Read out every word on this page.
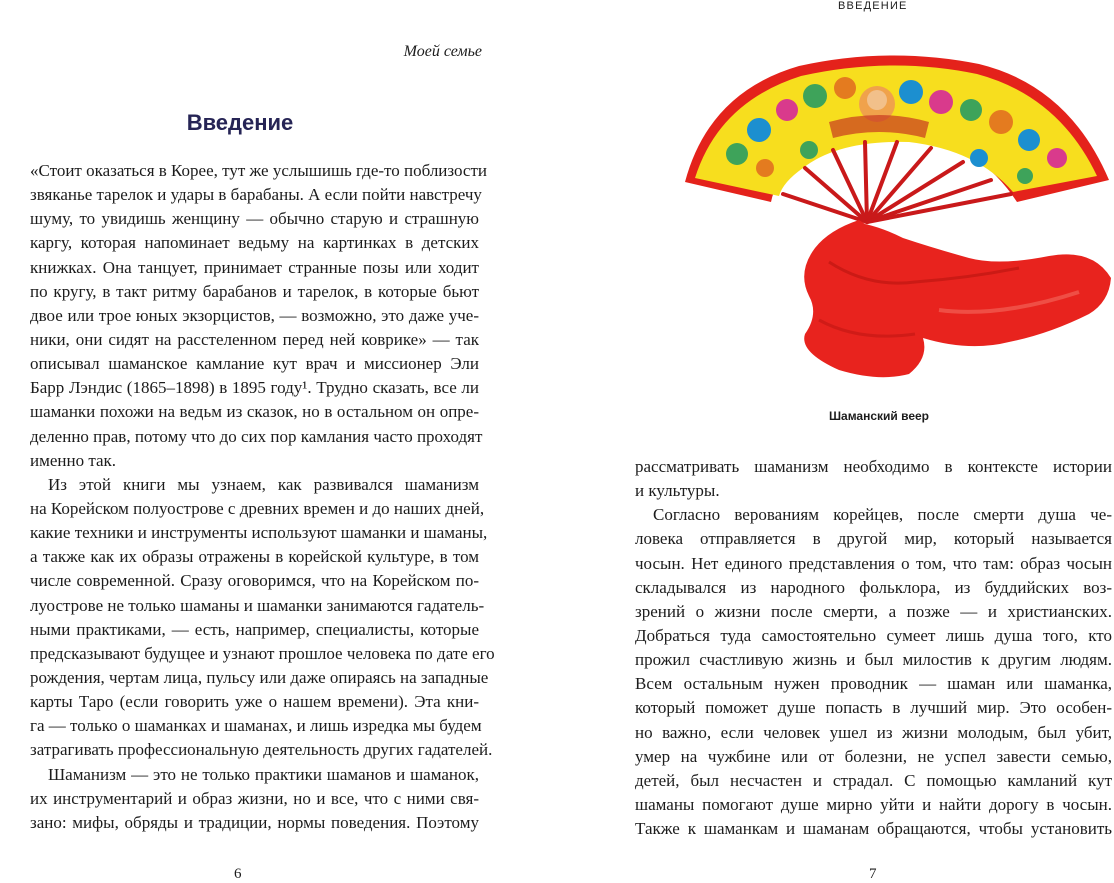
Моей семье
Введение
«Стоит оказаться в Корее, тут же услышишь где-то поблизости
звяканье тарелок и удары в барабаны. А если пойти навстречу
шуму, то увидишь женщину — обычно старую и страшную
каргу, которая напоминает ведьму на картинках в детских
книжках. Она танцует, принимает странные позы или ходит
по кругу, в такт ритму барабанов и тарелок, в которые бьют
двое или трое юных экзорцистов, — возможно, это даже уче-
ники, они сидят на расстеленном перед ней коврике» — так
описывал шаманское камлание кут врач и миссионер Эли
Барр Лэндис (1865–1898) в 1895 году¹. Трудно сказать, все ли
шаманки похожи на ведьм из сказок, но в остальном он опре-
деленно прав, потому что до сих пор камлания часто проходят
именно так.
Из этой книги мы узнаем, как развивался шаманизм
на Корейском полуострове с древних времен и до наших дней,
какие техники и инструменты используют шаманки и шаманы,
а также как их образы отражены в корейской культуре, в том
числе современной. Сразу оговоримся, что на Корейском по-
луострове не только шаманы и шаманки занимаются гадатель-
ными практиками, — есть, например, специалисты, которые
предсказывают будущее и узнают прошлое человека по дате его
рождения, чертам лица, пульсу или даже опираясь на западные
карты Таро (если говорить уже о нашем времени). Эта кни-
га — только о шаманках и шаманах, и лишь изредка мы будем
затрагивать профессиональную деятельность других гадателей.
Шаманизм — это не только практики шаманов и шаманок,
их инструментарий и образ жизни, но и все, что с ними свя-
зано: мифы, обряды и традиции, нормы поведения. Поэтому
6
ВВЕДЕНИЕ
Шаманский веер
рассматривать шаманизм необходимо в контексте истории
и культуры.
Согласно верованиям корейцев, после смерти душа че-
ловека отправляется в другой мир, который называется
чосын. Нет единого представления о том, что там: образ чосын
складывался из народного фольклора, из буддийских воз-
зрений о жизни после смерти, а позже — и христианских.
Добраться туда самостоятельно сумеет лишь душа того, кто
прожил счастливую жизнь и был милостив к другим людям.
Всем остальным нужен проводник — шаман или шаманка,
который поможет душе попасть в лучший мир. Это особен-
но важно, если человек ушел из жизни молодым, был убит,
умер на чужбине или от болезни, не успел завести семью,
детей, был несчастен и страдал. С помощью камланий кут
шаманы помогают душе мирно уйти и найти дорогу в чосын.
Также к шаманкам и шаманам обращаются, чтобы установить
7
